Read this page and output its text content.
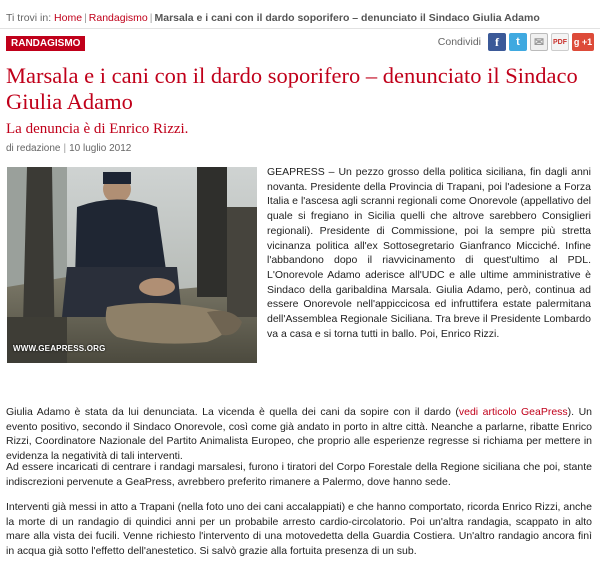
Ti trovi in: Home | Randagismo | Marsala e i cani con il dardo soporifero – denunciato il Sindaco Giulia Adamo
RANDAGISMO	Condividi	f	t	✉	PDF g +1
Marsala e i cani con il dardo soporifero – denunciato il Sindaco Giulia Adamo
La denuncia è di Enrico Rizzi.
di redazione | 10 luglio 2012
WWW.GEAPRESS.ORG

GEAPRESS – Un pezzo grosso della politica siciliana, fin dagli anni novanta. Presidente della Provincia di Trapani, poi l'adesione a Forza Italia e l'ascesa agli scranni regionali come Onorevole (appellativo del quale si fregiano in Sicilia quelli che altrove sarebbero Consiglieri regionali). Presidente di Commissione, poi la sempre più stretta vicinanza politica all'ex Sottosegretario Gianfranco Micciché. Infine l'abbandono dopo il riavvicinamento di quest'ultimo al PDL. L'Onorevole Adamo aderisce all'UDC e alle ultime amministrative è Sindaco della garibaldina Marsala. Giulia Adamo, però, continua ad essere Onorevole nell'appiccicosa ed infruttifera estate palermitana dell'Assemblea Regionale Siciliana. Tra breve il Presidente Lombardo va a casa e si torna tutti in ballo. Poi, Enrico Rizzi.

Giulia Adamo è stata da lui denunciata. La vicenda è quella dei cani da sopire con il dardo (vedi articolo GeaPress). Un evento positivo, secondo il Sindaco Onorevole, così come già andato in porto in altre città. Neanche a parlarne, ribatte Enrico Rizzi, Coordinatore Nazionale del Partito Animalista Europeo, che proprio alle esperienze regresse si richiama per mettere in evidenza la negatività di tali interventi.

Ad essere incaricati di centrare i randagi marsalesi, furono i tiratori del Corpo Forestale della Regione siciliana che poi, stante indiscrezioni pervenute a GeaPress, avrebbero preferito rimanere a Palermo, dove hanno sede.

Interventi già messi in atto a Trapani (nella foto uno dei cani accalappiati) e che hanno comportato, ricorda Enrico Rizzi, anche la morte di un randagio di quindici anni per un probabile arresto cardio-circolatorio. Poi un'altra randagia, scappato in alto mare alla vista dei fucili. Venne richiesto l'intervento di una motovedetta della Guardia Costiera. Un'altro randagio ancora finì in acqua già sotto l'effetto dell'anestetico. Si salvò grazie alla fortuita presenza di un sub.
